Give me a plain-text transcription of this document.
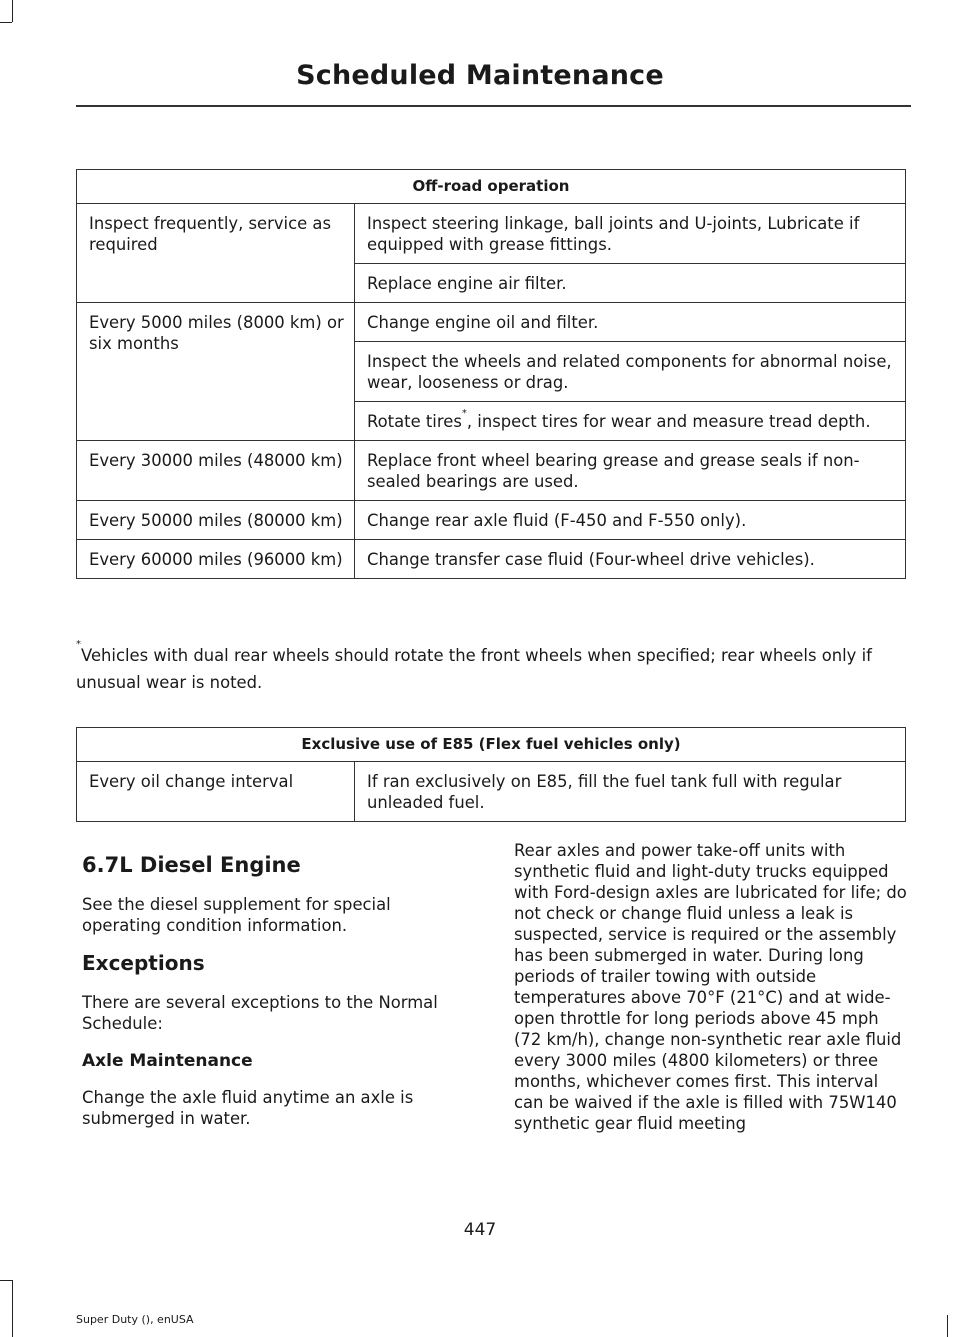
Scheduled Maintenance
Off-road operation	
Inspect frequently, service as required	Inspect steering linkage, ball joints and U-joints, Lubricate if equipped with grease fittings.
	Replace engine air filter.
Every 5000 miles (8000 km) or six months	Change engine oil and filter.
	Inspect the wheels and related components for abnormal noise, wear, looseness or drag.
	Rotate tires*, inspect tires for wear and measure tread depth.
Every 30000 miles (48000 km)	Replace front wheel bearing grease and grease seals if non-sealed bearings are used.
Every 50000 miles (80000 km)	Change rear axle fluid (F-450 and F-550 only).
Every 60000 miles (96000 km)	Change transfer case fluid (Four-wheel drive vehicles).
*Vehicles with dual rear wheels should rotate the front wheels when specified; rear wheels only if unusual wear is noted.
Exclusive use of E85 (Flex fuel vehicles only)
Every oil change interval	If ran exclusively on E85, fill the fuel tank full with regular unleaded fuel.

6.7L Diesel Engine

See the diesel supplement for special operating condition information.

Exceptions

There are several exceptions to the Normal Schedule:

Axle Maintenance

Change the axle fluid anytime an axle is submerged in water.

Rear axles and power take-off units with synthetic fluid and light-duty trucks equipped with Ford-design axles are lubricated for life; do not check or change fluid unless a leak is suspected, service is required or the assembly has been submerged in water. During long periods of trailer towing with outside temperatures above 70°F (21°C) and at wide-open throttle for long periods above 45 mph (72 km/h), change non-synthetic rear axle fluid every 3000 miles (4800 kilometers) or three months, whichever comes first. This interval can be waived if the axle is filled with 75W140 synthetic gear fluid meeting

447
Super Duty (), enUSA
